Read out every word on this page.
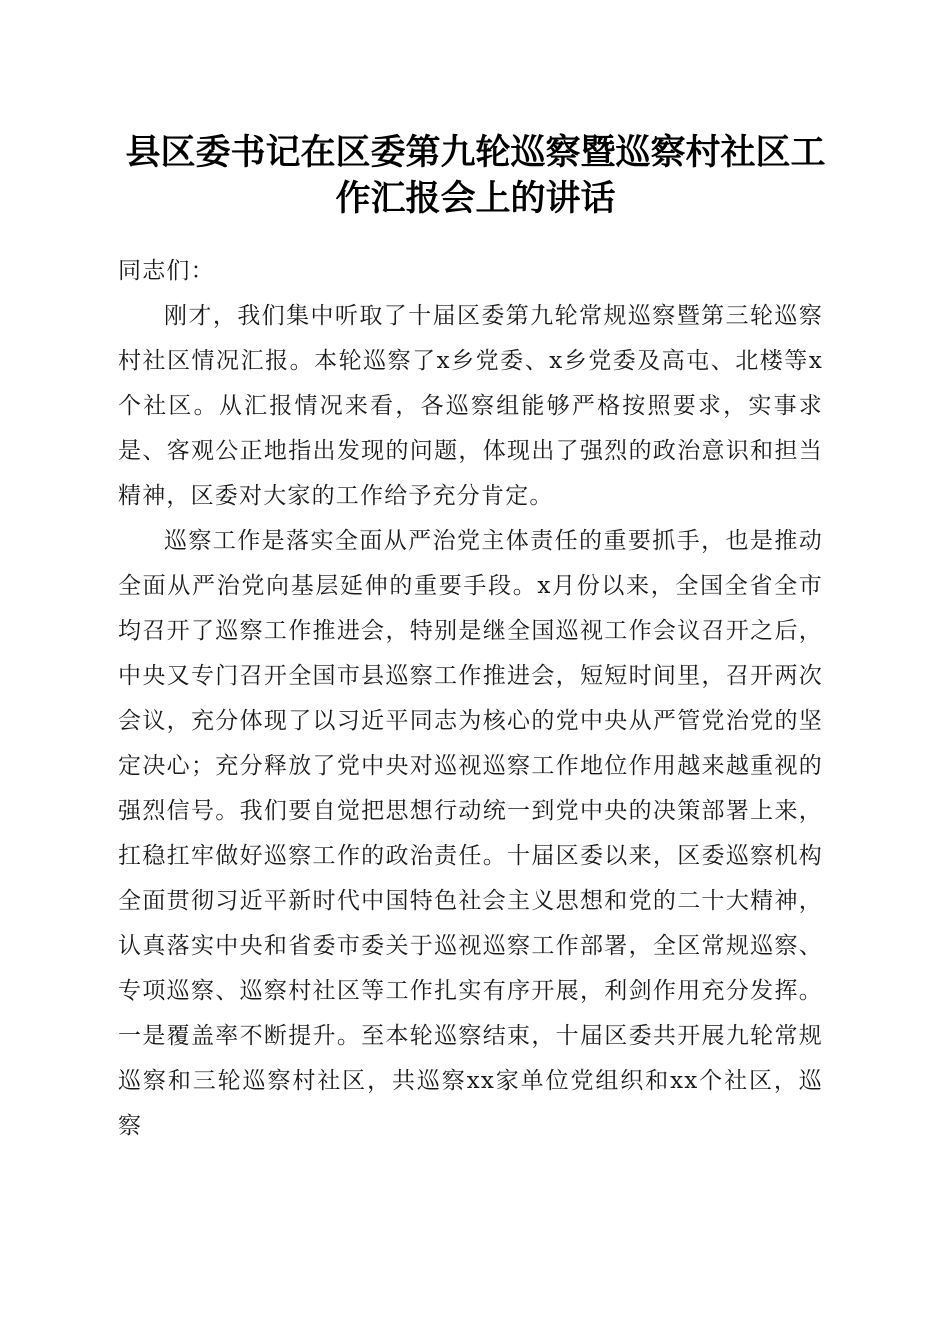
县区委书记在区委第九轮巡察暨巡察村社区工作汇报会上的讲话

同志们：

刚才，我们集中听取了十届区委第九轮常规巡察暨第三轮巡察村社区情况汇报。本轮巡察了x乡党委、x乡党委及高屯、北楼等x个社区。从汇报情况来看，各巡察组能够严格按照要求，实事求是、客观公正地指出发现的问题，体现出了强烈的政治意识和担当精神，区委对大家的工作给予充分肯定。

巡察工作是落实全面从严治党主体责任的重要抓手，也是推动全面从严治党向基层延伸的重要手段。x月份以来，全国全省全市均召开了巡察工作推进会，特别是继全国巡视工作会议召开之后，中央又专门召开全国市县巡察工作推进会，短短时间里，召开两次会议，充分体现了以习近平同志为核心的党中央从严管党治党的坚定决心；充分释放了党中央对巡视巡察工作地位作用越来越重视的强烈信号。我们要自觉把思想行动统一到党中央的决策部署上来，扛稳扛牢做好巡察工作的政治责任。十届区委以来，区委巡察机构全面贯彻习近平新时代中国特色社会主义思想和党的二十大精神，认真落实中央和省委市委关于巡视巡察工作部署，全区常规巡察、专项巡察、巡察村社区等工作扎实有序开展，利剑作用充分发挥。一是覆盖率不断提升。至本轮巡察结束，十届区委共开展九轮常规巡察和三轮巡察村社区，共巡察xx家单位党组织和xx个社区，巡察
